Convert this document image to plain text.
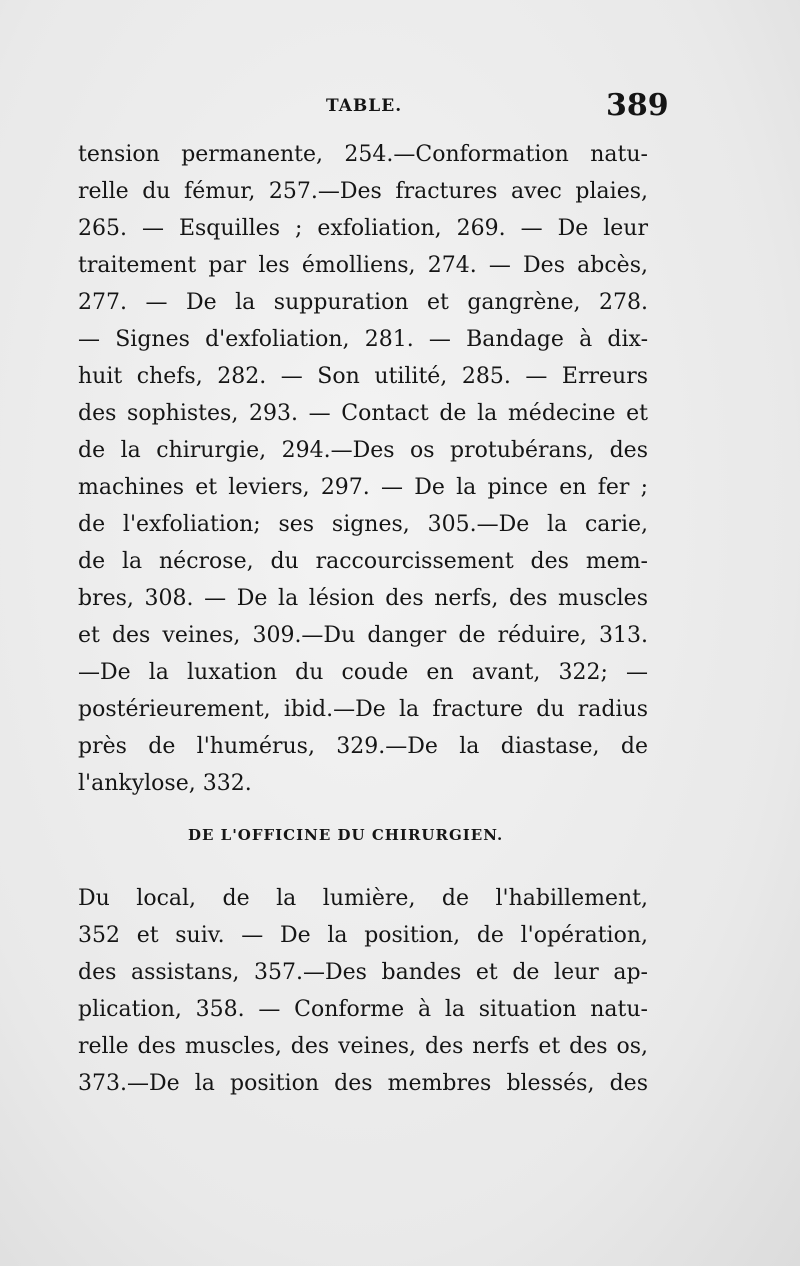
TABLE.	389
tension permanente, 254.—Conformation natu-
relle du fémur, 257.—Des fractures avec plaies,
265. — Esquilles ; exfoliation, 269. — De leur
traitement par les émolliens, 274. — Des abcès,
277. — De la suppuration et gangrène, 278.
— Signes d'exfoliation, 281. — Bandage à dix-
huit chefs, 282. — Son utilité, 285. — Erreurs
des sophistes, 293. — Contact de la médecine et
de la chirurgie, 294.—Des os protubérans, des
machines et leviers, 297. — De la pince en fer ;
de l'exfoliation; ses signes, 305.—De la carie,
de la nécrose, du raccourcissement des mem-
bres, 308. — De la lésion des nerfs, des muscles
et des veines, 309.—Du danger de réduire, 313.
—De la luxation du coude en avant, 322; —
postérieurement, ibid.—De la fracture du radius
près de l'humérus, 329.—De la diastase, de
l'ankylose, 332.
DE L'OFFICINE DU CHIRURGIEN.
Du local, de la lumière, de l'habillement,
352 et suiv. — De la position, de l'opération,
des assistans, 357.—Des bandes et de leur ap-
plication, 358. — Conforme à la situation natu-
relle des muscles, des veines, des nerfs et des os,
373.—De la position des membres blessés, des
